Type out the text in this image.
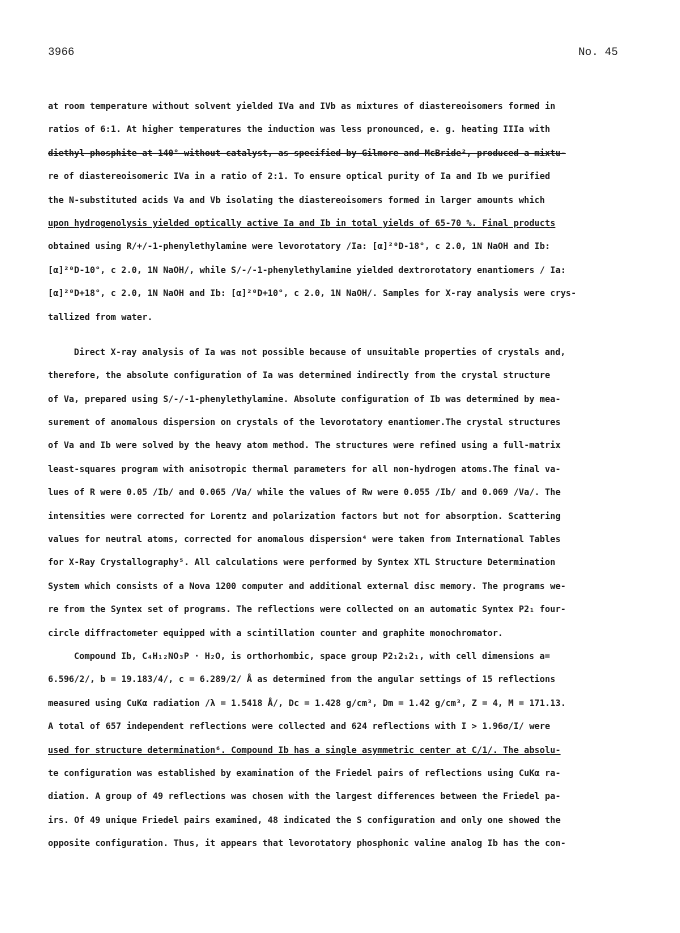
3966	No. 45
at room temperature without solvent yielded IVa and IVb as mixtures of diastereoisomers formed in
ratios of 6:1. At higher temperatures the induction was less pronounced, e. g. heating IIIa with
diethyl phosphite at 140° without catalyst, as specified by Gilmore and McBride², produced a mixtu-
re of diastereoisomeric IVa in a ratio of 2:1. To ensure optical purity of Ia and Ib we purified
the N-substituted acids Va and Vb isolating the diastereoisomers formed in larger amounts which
upon hydrogenolysis yielded optically active Ia and Ib in total yields of 65-70 %. Final products
obtained using R/+/-1-phenylethylamine were levorotatory /Ia: [α]²⁰D-18°, c 2.0, 1N NaOH and Ib:
[α]²⁰D-10°, c 2.0, 1N NaOH/, while S/-/-1-phenylethylamine yielded dextrorotatory enantiomers / Ia:
[α]²⁰D+18°, c 2.0, 1N NaOH and Ib: [α]²⁰D+10°, c 2.0, 1N NaOH/. Samples for X-ray analysis were crys-
tallized from water.
Direct X-ray analysis of Ia was not possible because of unsuitable properties of crystals and,
therefore, the absolute configuration of Ia was determined indirectly from the crystal structure
of Va, prepared using S/-/-1-phenylethylamine. Absolute configuration of Ib was determined by mea-
surement of anomalous dispersion on crystals of the levorotatory enantiomer.The crystal structures
of Va and Ib were solved by the heavy atom method. The structures were refined using a full-matrix
least-squares program with anisotropic thermal parameters for all non-hydrogen atoms.The final va-
lues of R were 0.05 /Ib/ and 0.065 /Va/ while the values of Rw were 0.055 /Ib/ and 0.069 /Va/. The
intensities were corrected for Lorentz and polarization factors but not for absorption. Scattering
values for neutral atoms, corrected for anomalous dispersion⁴ were taken from International Tables
for X-Ray Crystallography⁵. All calculations were performed by Syntex XTL Structure Determination
System which consists of a Nova 1200 computer and additional external disc memory. The programs we-
re from the Syntex set of programs. The reflections were collected on an automatic Syntex P2₁ four-
circle diffractometer equipped with a scintillation counter and graphite monochromator.
Compound Ib, C₄H₁₂NO₃P · H₂O, is orthorhombic, space group P2₁2₁2₁, with cell dimensions a=
6.596/2/, b = 19.183/4/, c = 6.289/2/ Å as determined from the angular settings of 15 reflections
measured using CuKα radiation /λ = 1.5418 Å/, Dc = 1.428 g/cm³, Dm = 1.42 g/cm³, Z = 4, M = 171.13.
A total of 657 independent reflections were collected and 624 reflections with I > 1.96σ/I/ were
used for structure determination⁶. Compound Ib has a single asymmetric center at C/1/. The absolu-
te configuration was established by examination of the Friedel pairs of reflections using CuKα ra-
diation. A group of 49 reflections was chosen with the largest differences between the Friedel pa-
irs. Of 49 unique Friedel pairs examined, 48 indicated the S configuration and only one showed the
opposite configuration. Thus, it appears that levorotatory phosphonic valine analog Ib has the con-
